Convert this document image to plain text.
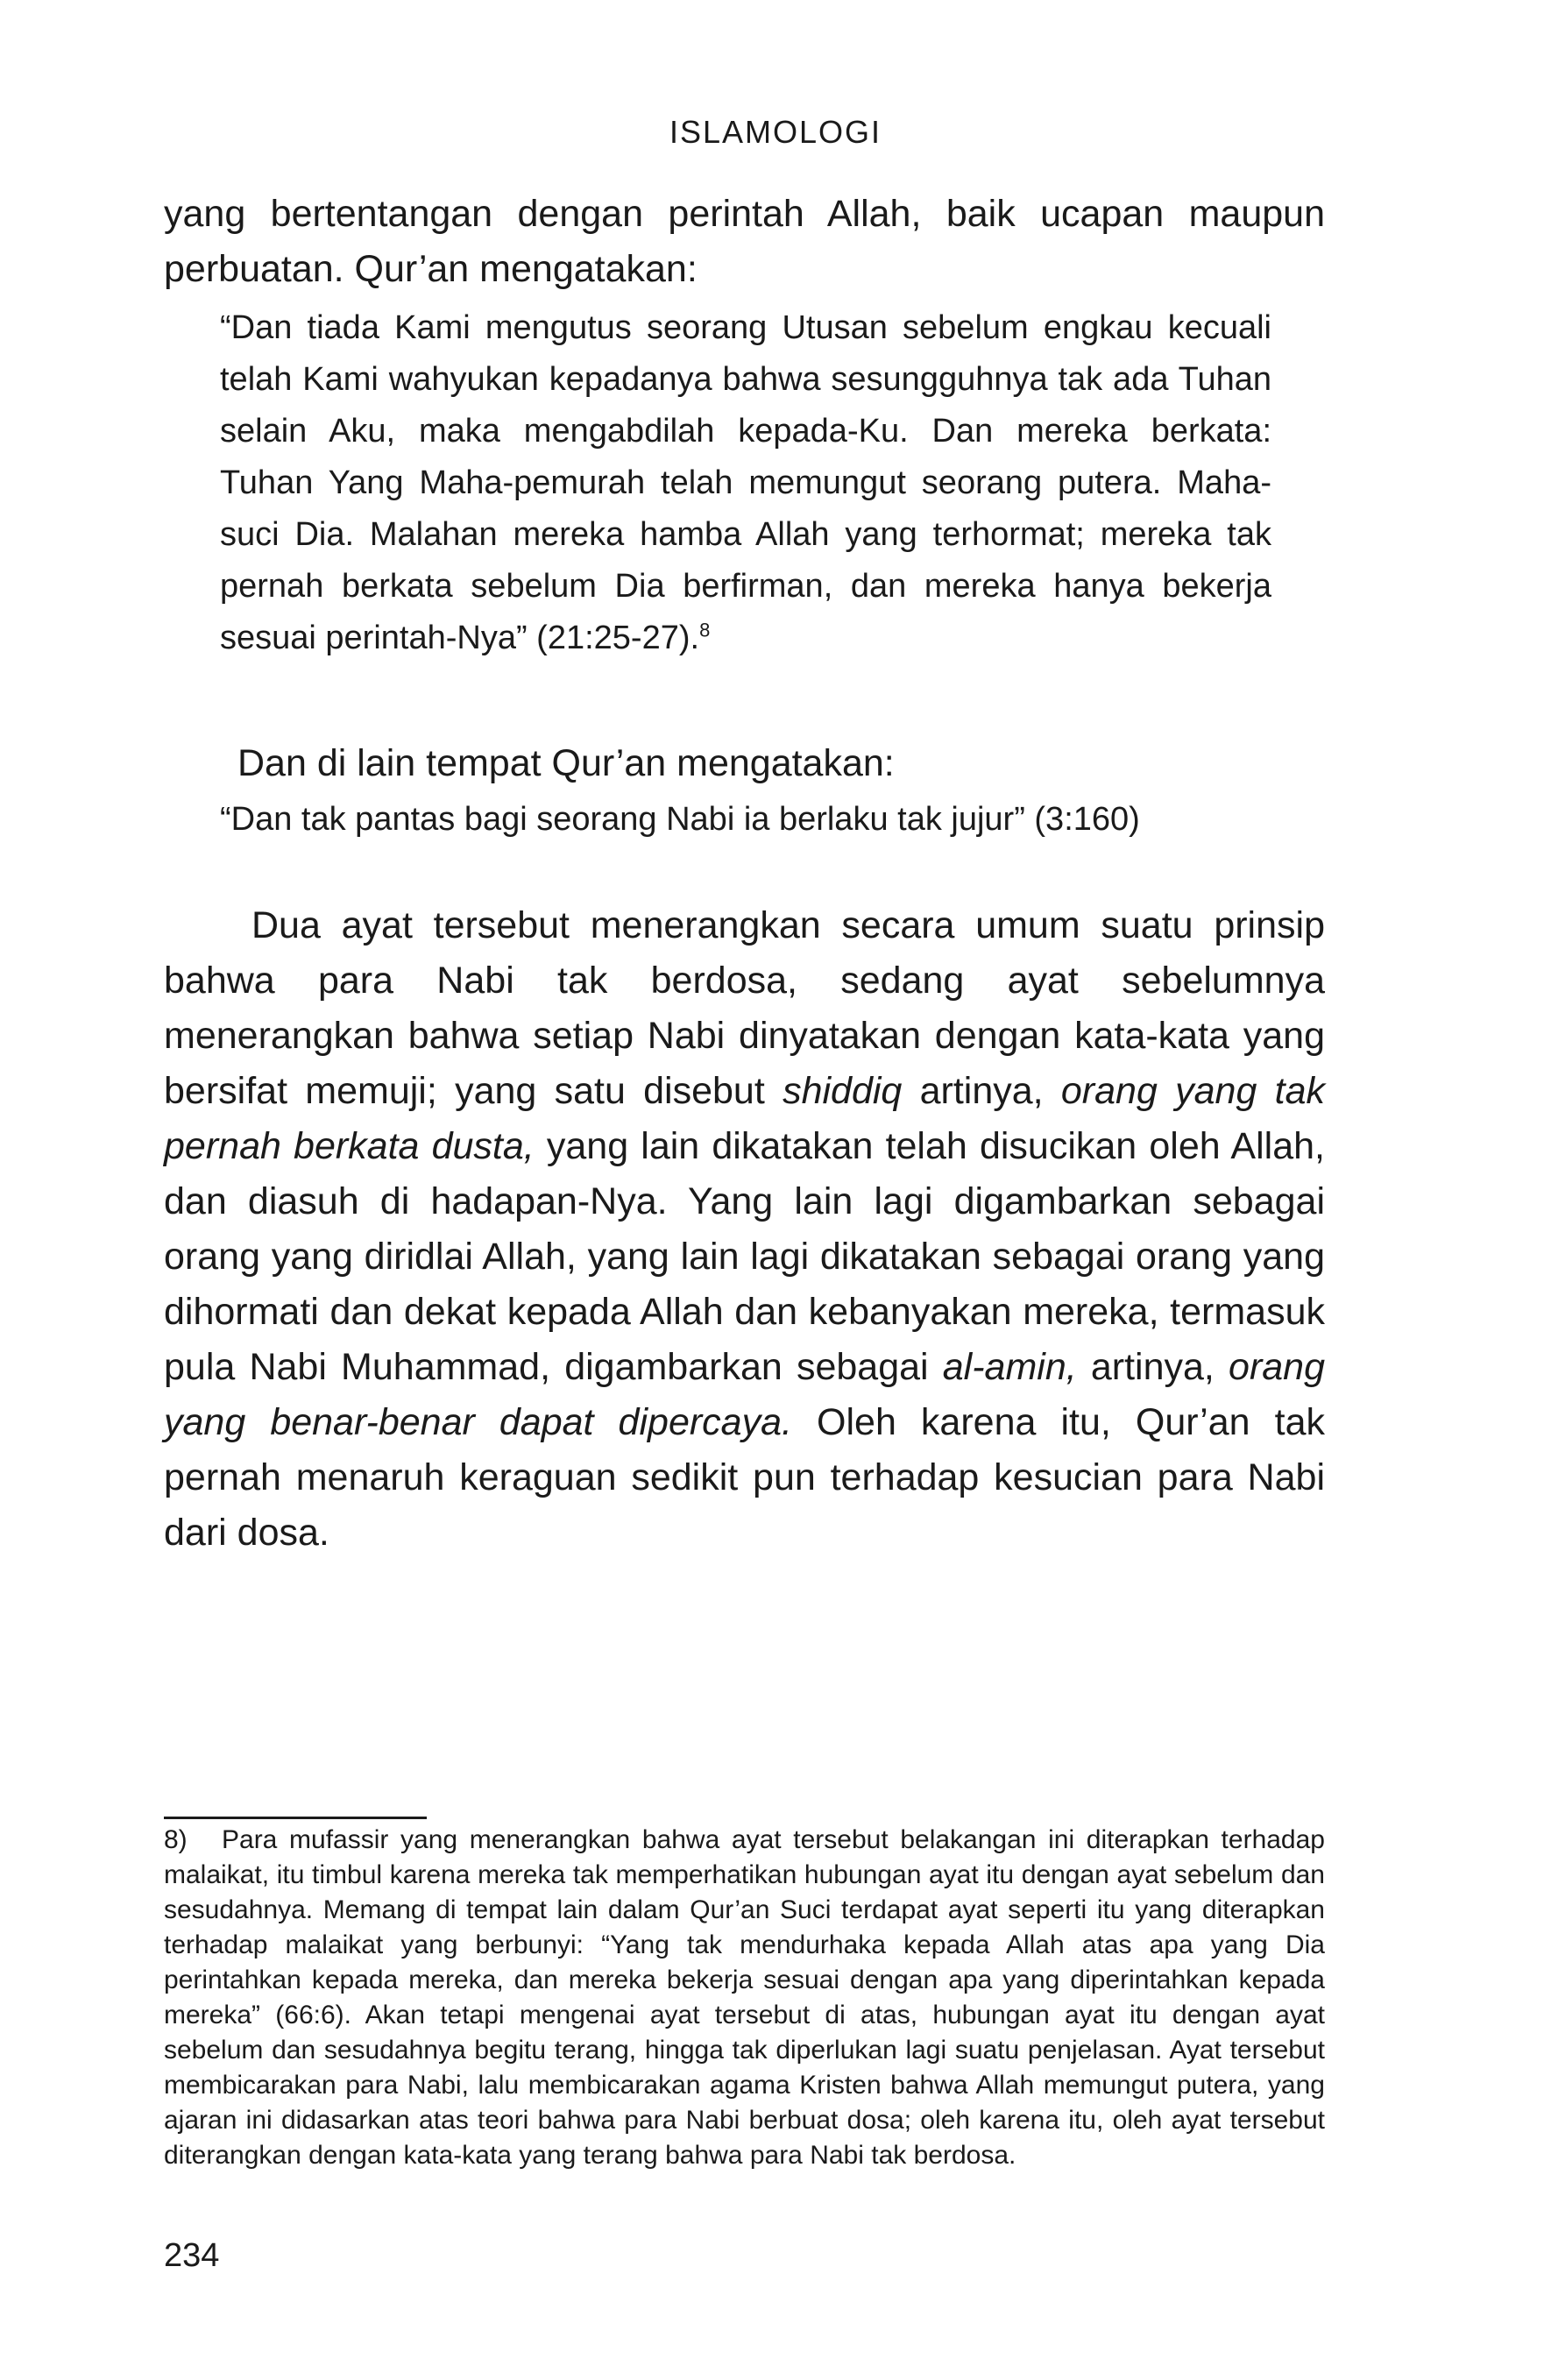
ISLAMOLOGI

yang bertentangan dengan perintah Allah, baik ucapan maupun perbuatan. Qur’an mengatakan:

“Dan tiada Kami mengutus seorang Utusan sebelum engkau kecuali telah Kami wahyukan kepadanya bahwa sesungguhnya tak ada Tuhan selain Aku, maka mengabdilah kepada-Ku. Dan mereka berkata: Tuhan Yang Maha-pemurah telah memungut seorang putera. Maha-suci Dia. Malahan mereka hamba Allah yang terhormat; mereka tak pernah berkata sebelum Dia berfirman, dan mereka hanya bekerja sesuai perintah-Nya” (21:25-27).$^8$

Dan di lain tempat Qur’an mengatakan:

“Dan tak pantas bagi seorang Nabi ia berlaku tak jujur” (3:160)

Dua ayat tersebut menerangkan secara umum suatu prinsip bahwa para Nabi tak berdosa, sedang ayat sebelumnya menerangkan bahwa setiap Nabi dinyatakan dengan kata-kata yang bersifat memuji; yang satu disebut shiddiq artinya, orang yang tak pernah berkata dusta, yang lain dikatakan telah disucikan oleh Allah, dan diasuh di hadapan-Nya. Yang lain lagi digambarkan sebagai orang yang diridlai Allah, yang lain lagi dikatakan sebagai orang yang dihormati dan dekat kepada Allah dan kebanyakan mereka, termasuk pula Nabi Muhammad, digambarkan sebagai al-amin, artinya, orang yang benar-benar dapat dipercaya. Oleh karena itu, Qur’an tak pernah menaruh keraguan sedikit pun terhadap kesucian para Nabi dari dosa.

8) Para mufassir yang menerangkan bahwa ayat tersebut belakangan ini diterapkan terhadap malaikat, itu timbul karena mereka tak memperhatikan hubungan ayat itu dengan ayat sebelum dan sesudahnya. Memang di tempat lain dalam Qur’an Suci terdapat ayat seperti itu yang diterapkan terhadap malaikat yang berbunyi: “Yang tak mendurhaka kepada Allah atas apa yang Dia perintahkan kepada mereka, dan mereka bekerja sesuai dengan apa yang diperintahkan kepada mereka” (66:6). Akan tetapi mengenai ayat tersebut di atas, hubungan ayat itu dengan ayat sebelum dan sesudahnya begitu terang, hingga tak diperlukan lagi suatu penjelasan. Ayat tersebut membicarakan para Nabi, lalu membicarakan agama Kristen bahwa Allah memungut putera, yang ajaran ini didasarkan atas teori bahwa para Nabi berbuat dosa; oleh karena itu, oleh ayat tersebut diterangkan dengan kata-kata yang terang bahwa para Nabi tak berdosa.

234
